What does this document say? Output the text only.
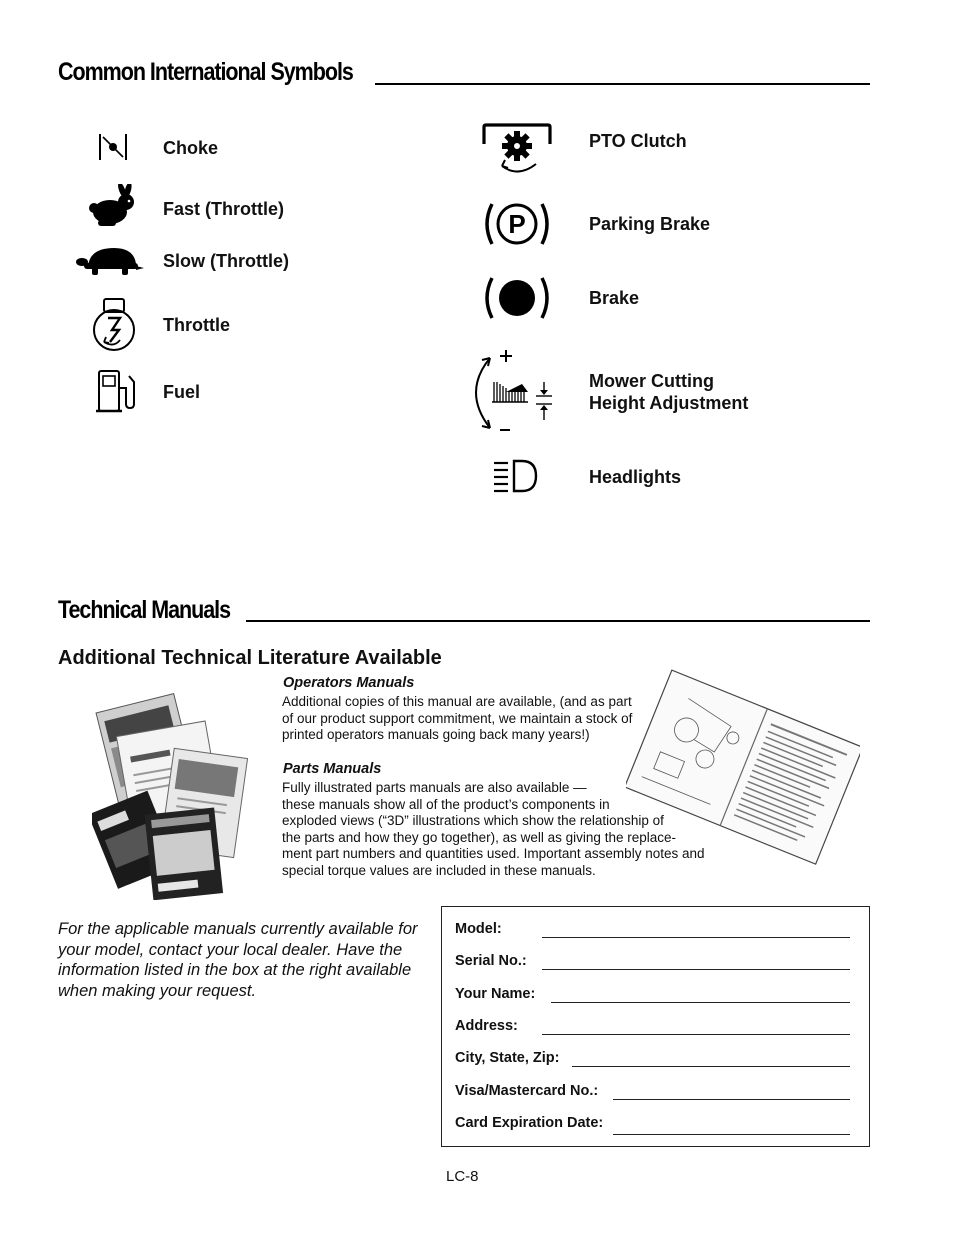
Common International Symbols
Choke
Fast (Throttle)
Slow (Throttle)
Throttle
Fuel
PTO Clutch
P	Parking Brake
Brake
Mower Cutting
Height Adjustment
Headlights
Technical Manuals
Additional Technical Literature Available
Operators Manuals
Additional copies of this manual are available, (and as part
of our product support commitment, we maintain a stock of
printed operators manuals going back many years!)
Parts Manuals
Fully illustrated parts manuals are also available —
these manuals show all of the product’s components in
exploded views (“3D” illustrations which show the relationship of
the parts and how they go together), as well as giving the replace-
ment part numbers and quantities used. Important assembly notes and
special torque values are included in these manuals.
For the applicable manuals currently available for
your model, contact your local dealer. Have the
information listed in the box at the right available
when making your request.
Model:
Serial No.:
Your Name:
Address:
City, State, Zip:
Visa/Mastercard No.:
Card Expiration Date:
LC-8
